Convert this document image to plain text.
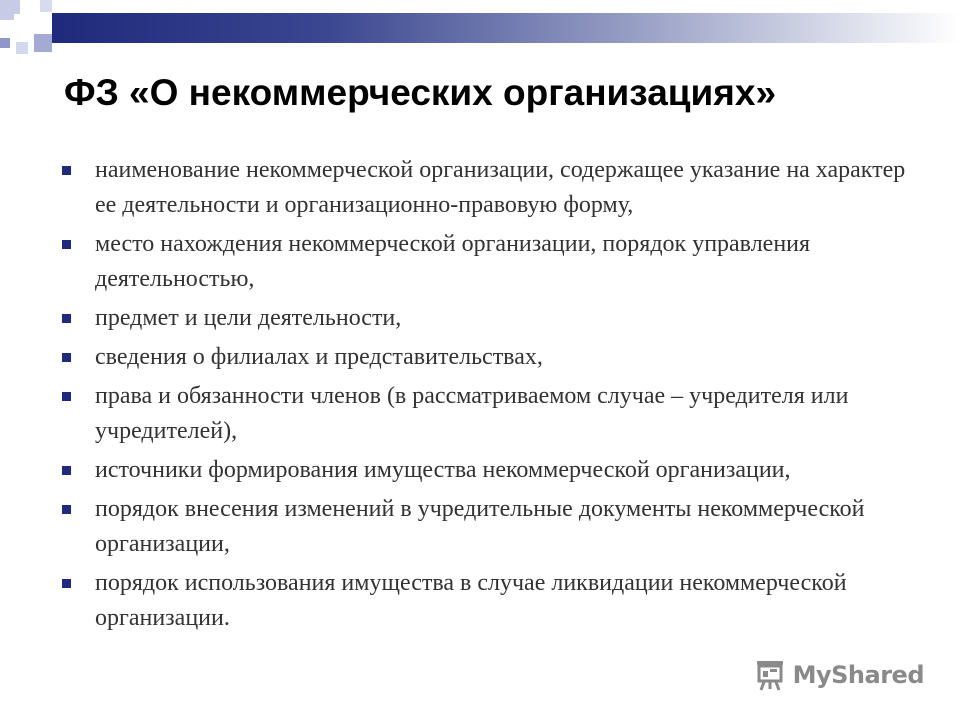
ФЗ «О некоммерческих организациях»
наименование некоммерческой организации, содержащее указание на характер ее деятельности и организационно-правовую форму,
место нахождения некоммерческой организации, порядок управления деятельностью,
предмет и цели деятельности,
сведения о филиалах и представительствах,
права и обязанности членов (в рассматриваемом случае – учредителя или учредителей),
источники формирования имущества некоммерческой организации,
порядок внесения изменений в учредительные документы некоммерческой организации,
порядок использования имущества в случае ликвидации некоммерческой организации.
MyShared
